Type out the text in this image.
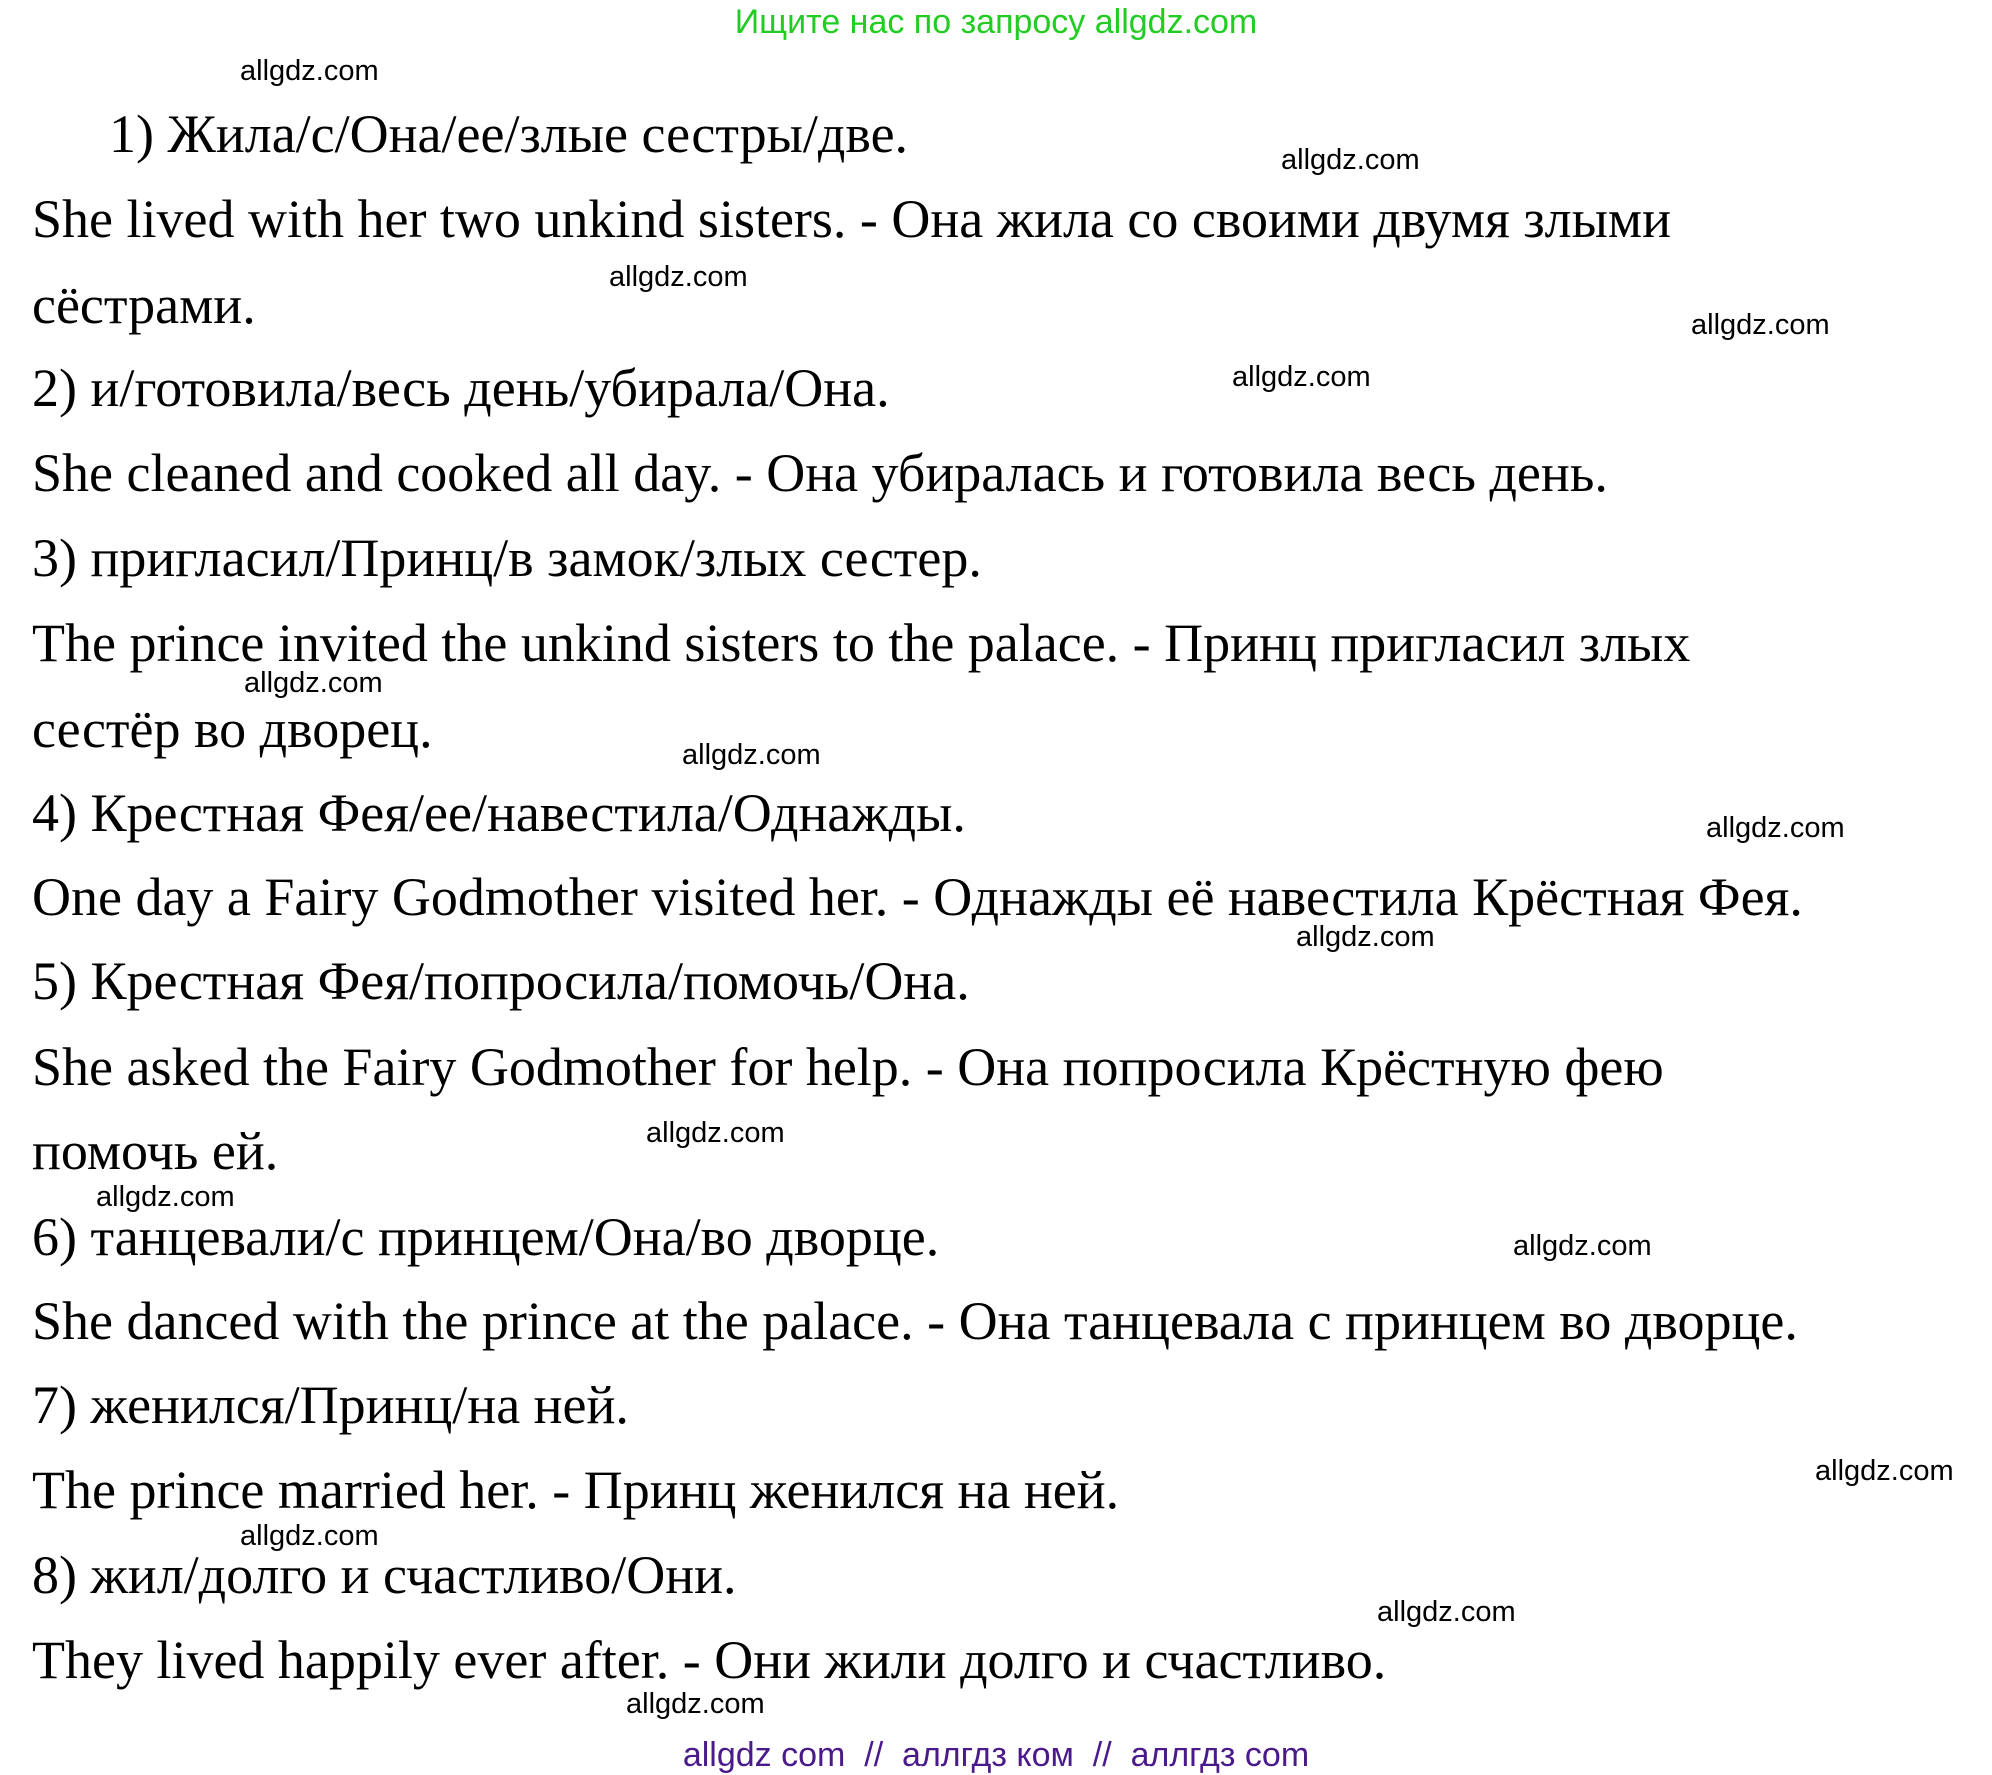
Ищите нас по запросу allgdz.com
1) Жила/с/Она/ее/злые сестры/две.
She lived with her two unkind sisters. - Она жила со своими двумя злыми
сёстрами.
2) и/готовила/весь день/убирала/Она.
She cleaned and cooked all day. - Она убиралась и готовила весь день.
3) пригласил/Принц/в замок/злых сестер.
The prince invited the unkind sisters to the palace. - Принц пригласил злых
сестёр во дворец.
4) Крестная Фея/ее/навестила/Однажды.
One day a Fairy Godmother visited her. - Однажды её навестила Крёстная Фея.
5) Крестная Фея/попросила/помочь/Она.
She asked the Fairy Godmother for help. - Она попросила Крёстную фею
помочь ей.
6) танцевали/с принцем/Она/во дворце.
She danced with the prince at the palace. - Она танцевала с принцем во дворце.
7) женился/Принц/на ней.
The prince married her. - Принц женился на ней.
8) жил/долго и счастливо/Они.
They lived happily ever after. - Они жили долго и счастливо.
allgdz.com
allgdz.com
allgdz.com
allgdz.com
allgdz.com
allgdz.com
allgdz.com
allgdz.com
allgdz.com
allgdz.com
allgdz.com
allgdz.com
allgdz.com
allgdz.com
allgdz.com
allgdz.com
allgdz com  //  аллгдз ком  //  аллгдз com
